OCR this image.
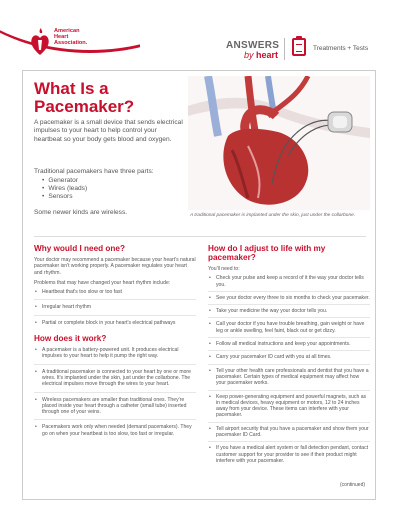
American
Heart
Association.	ANSWERS
by heart
Treatments + Tests
What Is a Pacemaker?
A pacemaker is a small device that sends electrical impulses to your heart to help control your heartbeat so your body gets blood and oxygen.
Traditional pacemakers have three parts:
• Generator
• Wires (leads)
• Sensors
Some newer kinds are wireless.	A traditional pacemaker is implanted under the skin, just under the collarbone.
Why would I need one?
Your doctor may recommend a pacemaker because your heart's natural pacemaker isn't working properly. A pacemaker regulates your heart and rhythm.
Problems that may have changed your heart rhythm include:
• Heartbeat that's too slow or too fast
• Irregular heart rhythm
• Partial or complete block in your heart's electrical pathways
How does it work?
• A pacemaker is a battery-powered unit. It produces electrical impulses to your heart to help it pump the right way.
• A traditional pacemaker is connected to your heart by one or more wires. It's implanted under the skin, just under the collarbone. The electrical impulses move through the wires to your heart.
• Wireless pacemakers are smaller than traditional ones. They're placed inside your heart through a catheter (small tube) inserted through one of your veins.
• Pacemakers work only when needed (demand pacemakers). They go on when your heartbeat is too slow, too fast or irregular.
How do I adjust to life with my pacemaker?
You'll need to:
• Check your pulse and keep a record of it the way your doctor tells you.
• See your doctor every three to six months to check your pacemaker.
• Take your medicine the way your doctor tells you.
• Call your doctor if you have trouble breathing, gain weight or have leg or ankle swelling, feel faint, black out or get dizzy.
• Follow all medical instructions and keep your appointments.
• Carry your pacemaker ID card with you at all times.
• Tell your other health care professionals and dentist that you have a pacemaker. Certain types of medical equipment may affect how your pacemaker works.
• Keep power-generating equipment and powerful magnets, such as in medical devices, heavy equipment or motors, 12 to 24 inches away from your device. These items can interfere with your pacemaker.
• Tell airport security that you have a pacemaker and show them your pacemaker ID Card.
• If you have a medical alert system or fall detection pendant, contact customer support for your provider to see if their product might interfere with your pacemaker.
(continued)
